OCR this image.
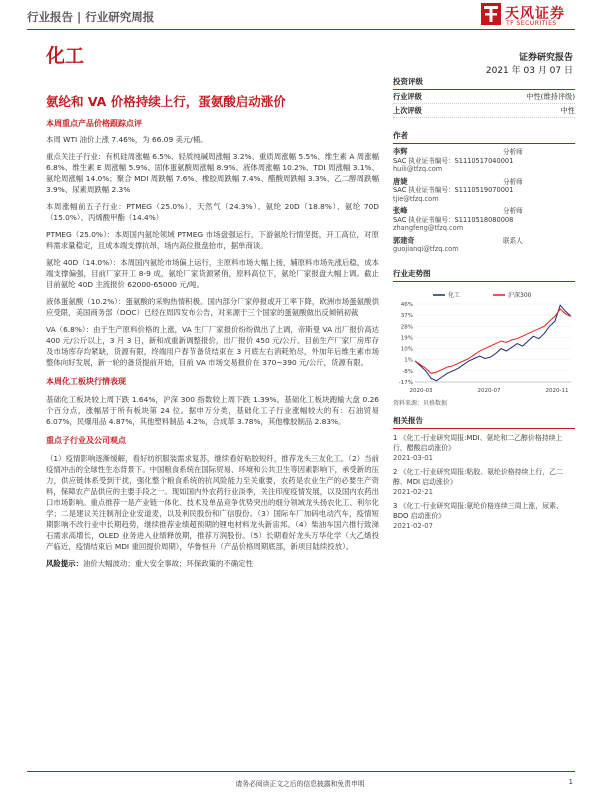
行业报告 | 行业研究周报	天风证券
TF SECURITIES
化工	证券研究报告
2021 年 03 月 07 日
氨纶和 VA 价格持续上行，蛋氨酸启动涨价
本周重点产品价格跟踪点评

本周 WTI 油价上涨 7.46%，为 66.09 美元/桶。

重点关注子行业：有机硅周涨幅 6.5%、轻质纯碱周涨幅 3.2%、重质周涨幅 5.5%、维生素 A 周涨幅 6.8%、维生素 E 周涨幅 5.9%、固体蛋氨酸周涨幅 8.9%、液体周涨幅 10.2%、TDI 周涨幅 3.1%、氨纶周涨幅 14.0%；聚合 MDI 周跌幅 7.6%、橡胶周跌幅 7.4%、醋酸周跌幅 3.3%、乙二醇周跌幅 3.9%、尿素周跌幅 2.3%

本周涨幅前五子行业：PTMEG（25.0%）、天然气（24.3%）、氨纶 20D（18.8%）、氨纶 70D（15.0%）、丙烯酸甲酯（14.4%）

PTMEG（25.0%）：本周国内氨纶领域 PTMEG 市场盘强运行，下游氨纶行情坚挺，开工高位，对原料需求量稳定，且成本端支撑抗昂，场内高位报盘抬市，据单商谈。

氨纶 40D（14.0%）：本周国内氨纶市场偏上运行，主原料市场大幅上扬，辅原料市场先涨后稳，成本端支撑偏强，目前厂家开工 8-9 成，氨纶厂家货源紧俏，原料高位下，氨纶厂家报盘大幅上调。截止目前氨纶 40D 主流报价 62000-65000 元/吨。

液体蛋氨酸（10.2%）：蛋氨酸的采购热情积极。国内部分厂家停报或开工率下降，欧洲市场蛋氨酸供应受限，美国商务部（DOC）已经在周四发布公告，对来源于三个国家的蛋氨酸做出反倾销初裁

VA（6.8%）：由于生产原料价格的上涨，VA 生厂厂家报价纷纷做出了上调，帝斯曼 VA 出厂报价高达 400 元/公斤以上，3 月 3 日，新和成重新调整报价，出厂报价 450 元/公斤。目前生产厂家厂房库存及市场库存均紧缺，货源有限，终端用户春节备货结束在 3 月底左右消耗殆尽，外加年后维生素市场整体向好发展，新一轮的备货提前开始，目前 VA 市场交易报价在 370~390 元/公斤，货源有限。

本周化工板块行情表现

基础化工板块较上周下跌 1.64%，沪深 300 指数较上周下跌 1.39%。基础化工板块跑输大盘 0.26 个百分点，涨幅居于所有板块第 24 位。据申万分类，基础化工子行业涨幅较大的有：石油贸易 6.07%，民爆用品 4.87%，其他塑料制品 4.2%，合成革 3.78%，其他橡胶制品 2.83%。

重点子行业及公司观点

（1）疫情影响逐渐缓解，看好纺织服装需求复苏，继续看好粘胶短纤，推荐龙头三友化工。（2）当前疫情冲击的全球性生态背景下。中国粮食系统在国际贸易、环境和公共卫生等因素影响下，承受新的压力，供应链体系受到干扰，强化整个粮食系统的抗风险能力至关重要，农药是农业生产的必要生产资料，保障农产品供应的主要手段之一。现如国内外农药行业淡季，关注印度疫情发展，以及国内农药出口市场影响。重点推荐一是产业链一体化、技术及单品竞争优势突出的细分领域龙头扬农化工、利尔化学；二是建议关注制剂企业安道麦，以及利民股份和广信股份。（3）国际车厂加码电动汽车，疫情短期影响不改行业中长期趋势，继续推荐业绩超预期的锂电材料龙头新宙邦。（4）柴油车国六推行致涕石需求高增长，OLED 业务进入业绩释放期，推荐万润股份。（5）长期看好龙头万华化学（大乙烯投产临近，疫情结束后 MDI 重回提价周期），华鲁恒升（产品价格周期底部，新项目陆续投放）。

风险提示：油价大幅波动；重大安全事故；环保政策的不确定性

投资评级
行业评级	中性(维持评级)
上次评级	中性
作者
李辉	分析师
SAC 执业证书编号：S1110517040001
huili@tfzq.com
唐婕	分析师
SAC 执业证书编号：S1110519070001
tjie@tfzq.com
张峰	分析师
SAC 执业证书编号：S1110518080008
zhangfeng@tfzq.com
郭建奇	联系人
guojianqi@tfzq.com
行业走势图
46%
37%
28%
19%
10%
1%
-8%
-17%
2020-03	2020-07	2020-11
化工	沪深300
资料来源：贝格数据
相关报告
1 《化工-行业研究周报:MDI、氨纶和二乙醇价格持续上行，醋酸启动涨价》
2021-03-01
2 《化工-行业研究周报:粘胶、氨纶价格持续上行，乙二醇、MDI 启动涨价》
2021-02-21
3 《化工-行业研究周报:氨纶价格连续三周上涨，尿素、BDO 启动涨价》
2021-02-07
请务必阅读正文之后的信息披露和免责申明	1
